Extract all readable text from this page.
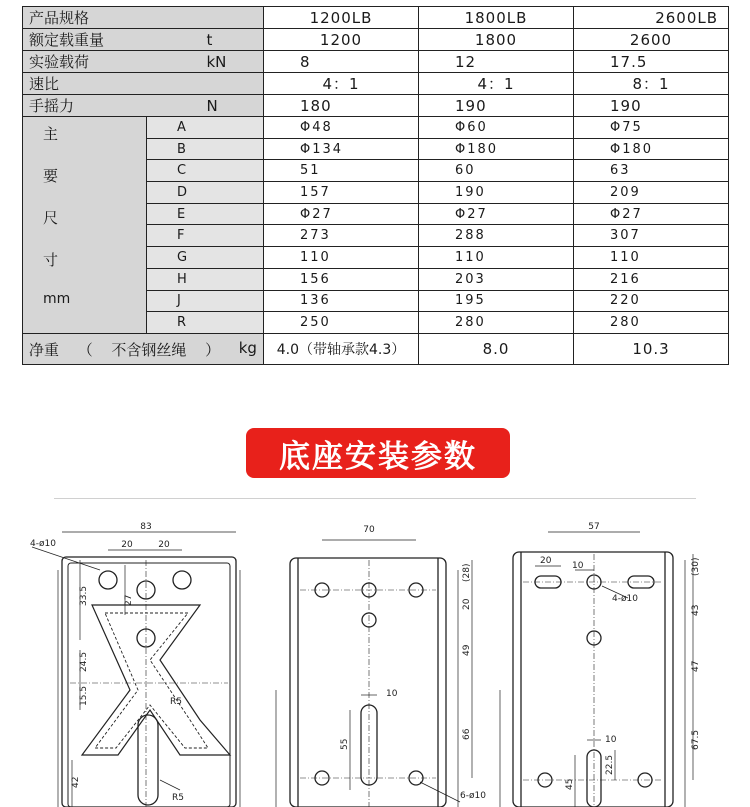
产品规格		1200LB	1800LB	2600LB
额定载重量	t	1200	1800	2600
实验载荷	kN	8	12	17.5
速比		4：1	4：1	8：1
手摇力	N	180	190	190

主
要
尺
寸
mm	A	Φ48	Φ60	Φ75
	B	Φ134	Φ180	Φ180
	C	51	60	63
	D	157	190	209
	E	Φ27	Φ27	Φ27
	F	273	288	307
	G	110	110	110
	H	156	203	216
	J	136	195	220
	R	250	280	280

净重 （ 不含钢丝绳 ） kg		4.0（带轴承款4.3）	8.0	10.3
底座安装参数
4-ø10
83
20	20
33.5	27
24.5
15.5
42
R5
R5
70
(28)
20
49
10
55
66
6-ø10
57
20 10
4-ø10
(30)
43
47
10	67.5
45
22.5
